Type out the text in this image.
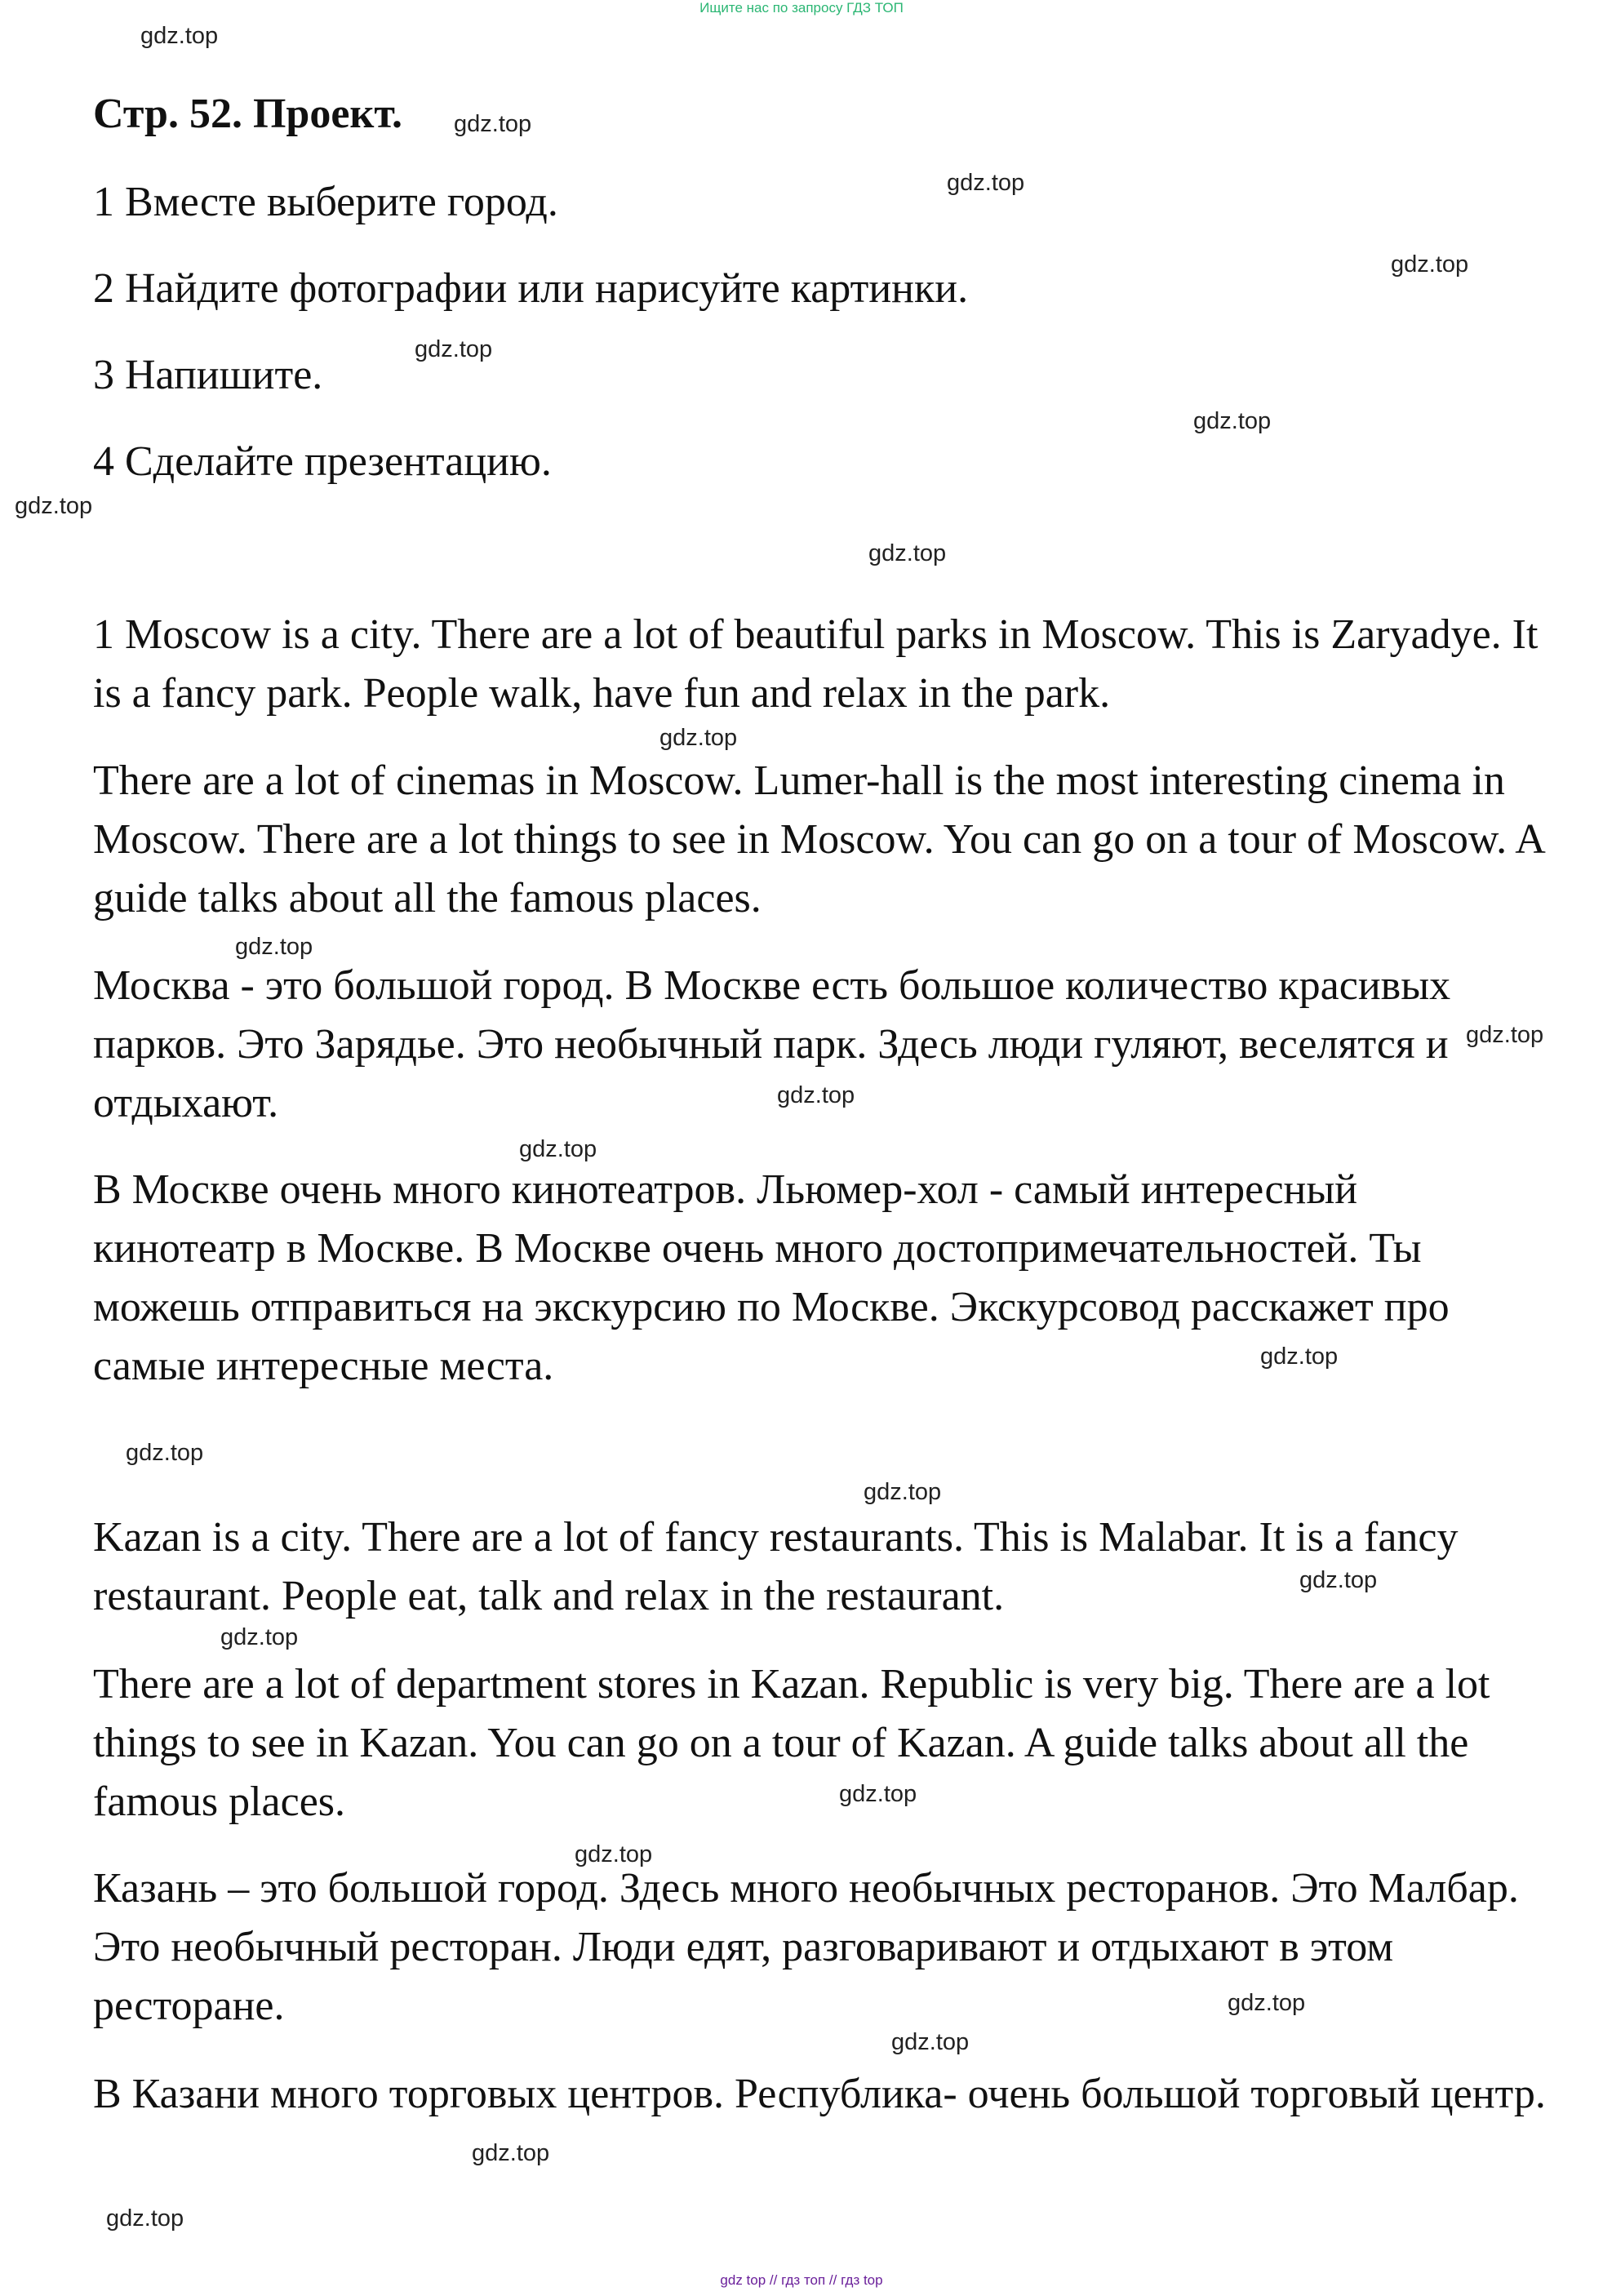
Ищите нас по запросу ГДЗ ТОП
Стр. 52. Проект.
1 Вместе выберите город.
2 Найдите фотографии или нарисуйте картинки.
3 Напишите.
4 Сделайте презентацию.

1 Moscow is a city. There are a lot of beautiful parks in Moscow. This is Zaryadye. It is a fancy park. People walk, have fun and relax in the park.

There are a lot of cinemas in Moscow. Lumer-hall is the most interesting cinema in Moscow. There are a lot things to see in Moscow. You can go on a tour of Moscow. A guide talks about all the famous places.

Москва - это большой город. В Москве есть большое количество красивых парков. Это Зарядье. Это необычный парк. Здесь люди гуляют, веселятся и отдыхают.

В Москве очень много кинотеатров. Льюмер-хол - самый интересный кинотеатр в Москве. В Москве очень много достопримечательностей. Ты можешь отправиться на экскурсию по Москве. Экскурсовод расскажет про самые интересные места.

Kazan is a city. There are a lot of fancy restaurants. This is Malabar. It is a fancy restaurant. People eat, talk and relax in the restaurant.

There are a lot of department stores in Kazan. Republic is very big. There are a lot things to see in Kazan. You can go on a tour of Kazan. A guide talks about all the famous places.

Казань – это большой город. Здесь много необычных ресторанов. Это Малбар. Это необычный ресторан. Люди едят, разговаривают и отдыхают в этом ресторане.

В Казани много торговых центров. Республика- очень большой торговый центр.

gdz.top
gdz.top
gdz.top
gdz.top
gdz.top
gdz.top
gdz.top
gdz.top
gdz.top
gdz.top
gdz.top
gdz.top
gdz.top
gdz.top
gdz.top
gdz.top
gdz.top
gdz.top
gdz.top
gdz.top
gdz.top
gdz.top
gdz.top
gdz.top
gdz top // гдз топ // гдз top
